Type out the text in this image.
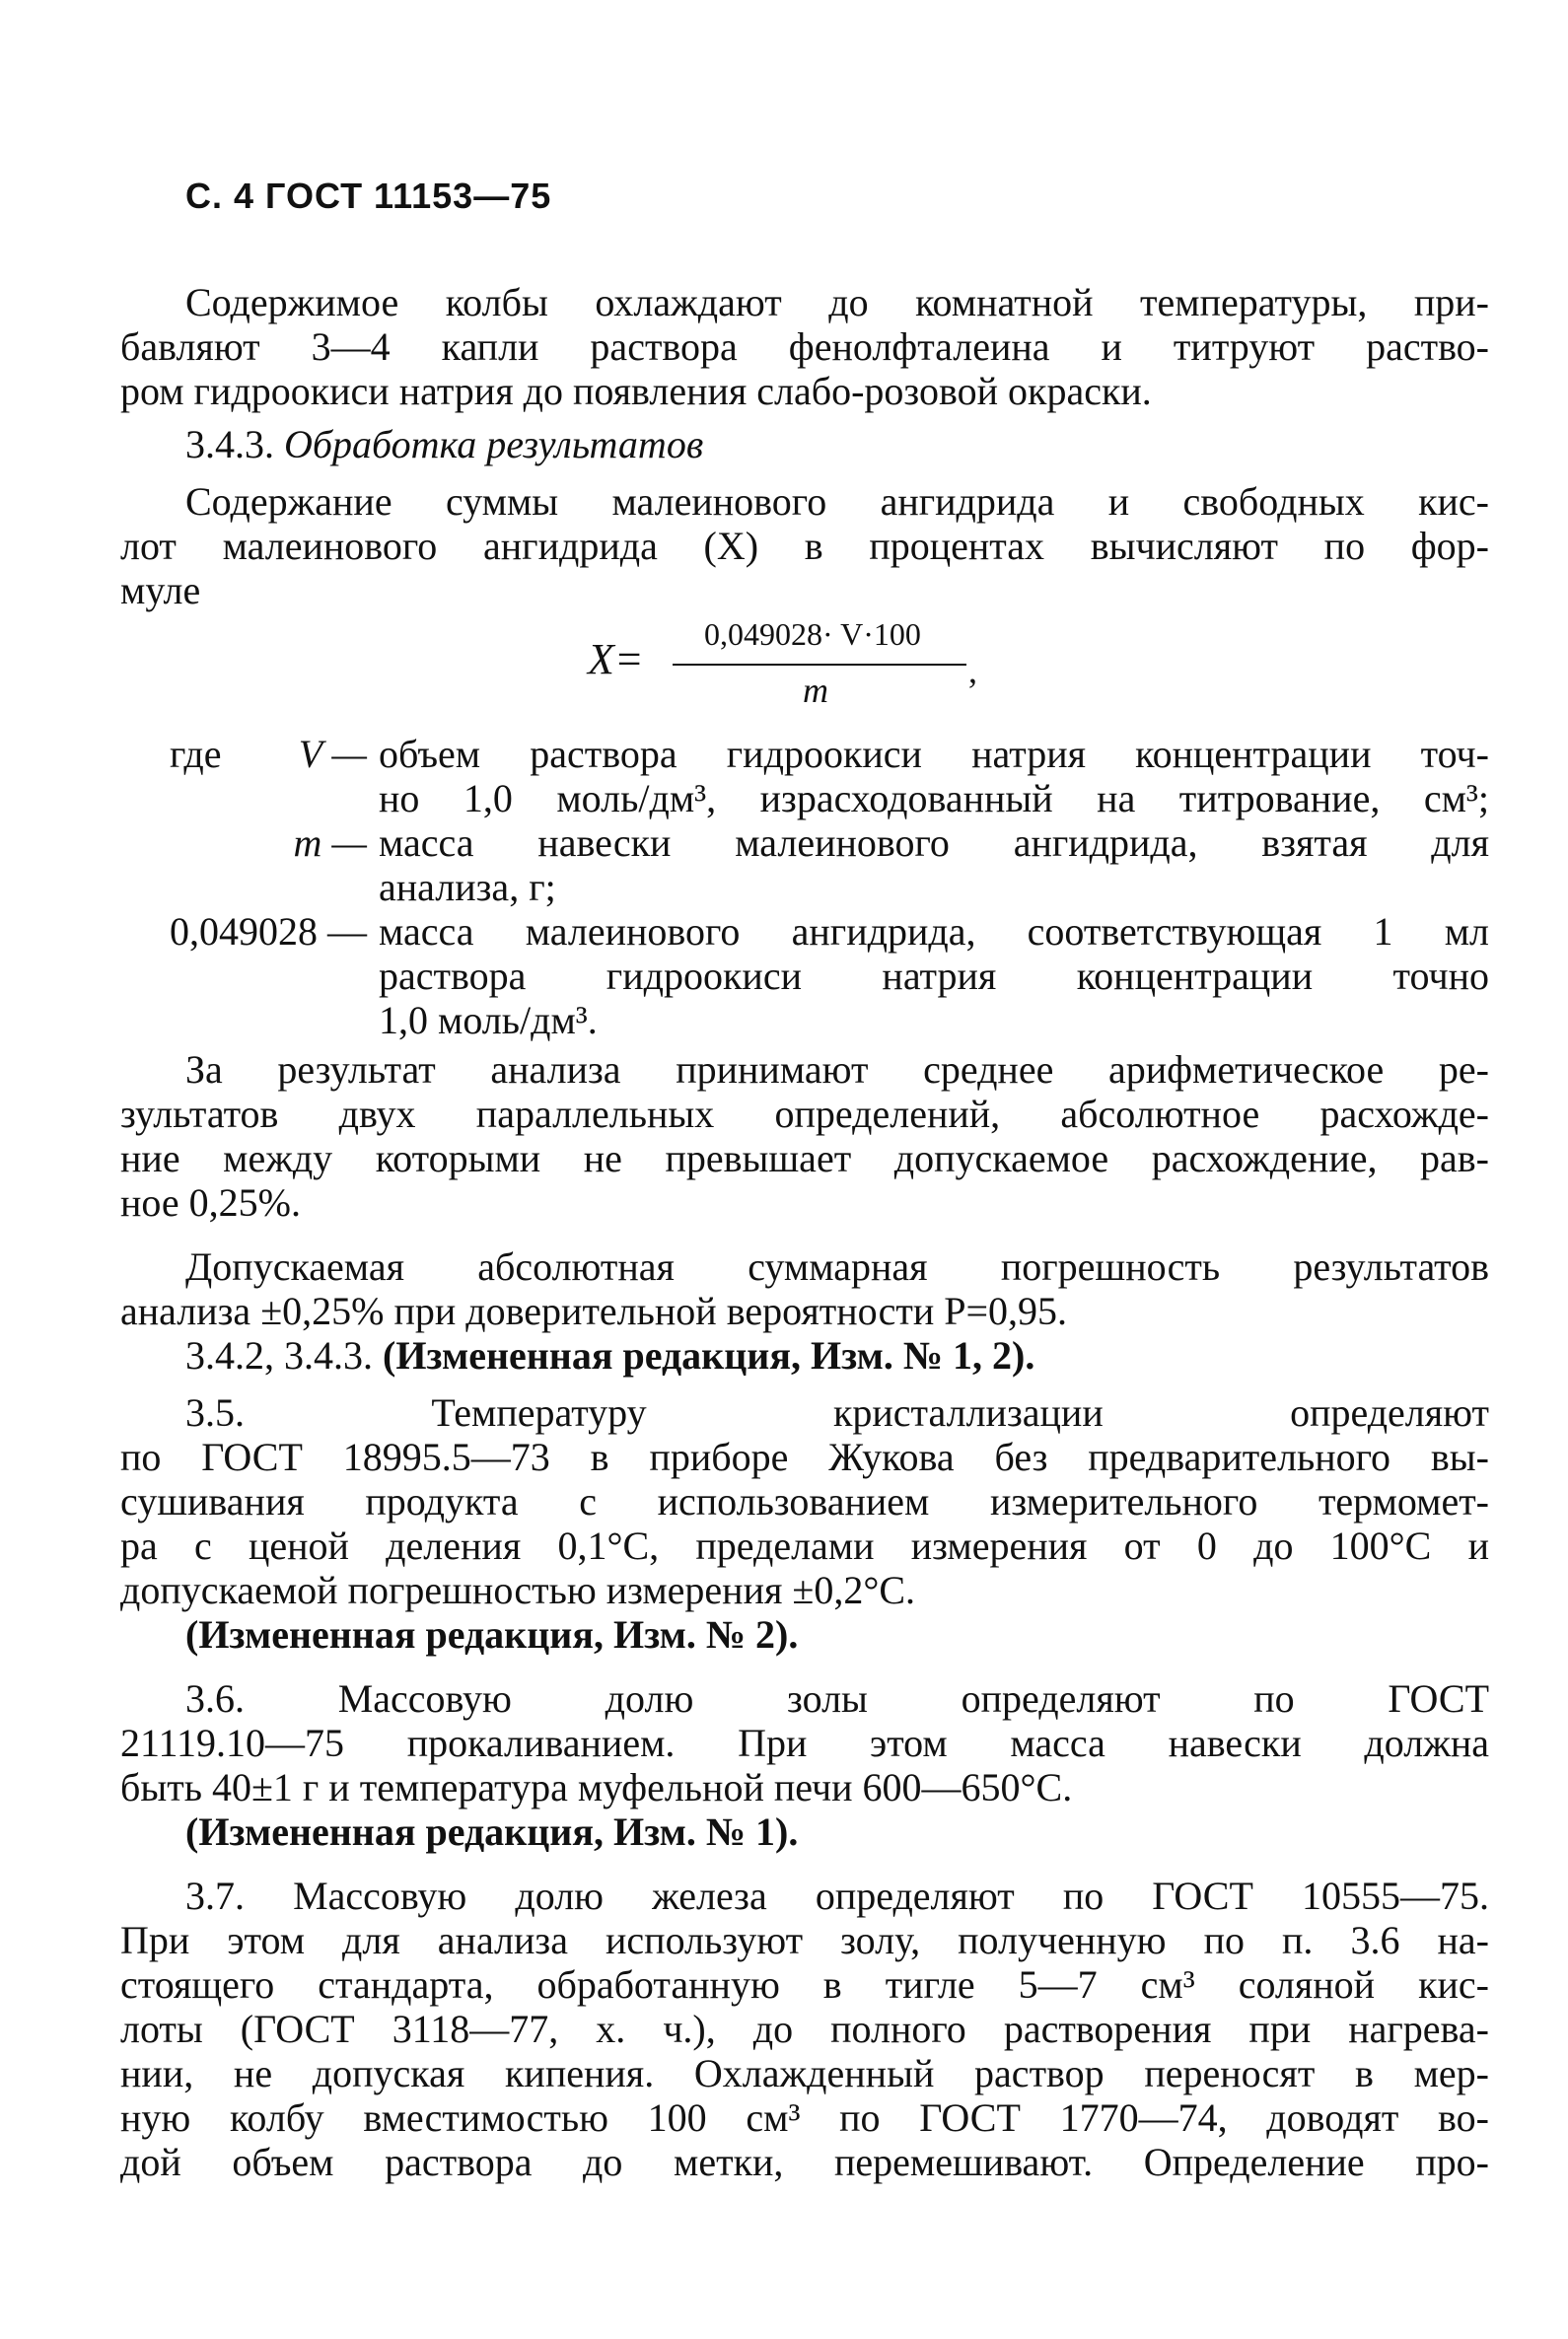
С. 4 ГОСТ 11153—75
Содержимое колбы охлаждают до комнатной температуры, при-
бавляют 3—4 капли раствора фенолфталеина и титруют раство-
ром гидроокиси натрия до появления слабо-розовой окраски.
3.4.3. Обработка результатов
Содержание суммы малеинового ангидрида и свободных кис-
лот малеинового ангидрида (X) в процентах вычисляют по фор-
муле
X=
0,049028· V·100
m	,
где	V — объем раствора гидроокиси натрия концентрации точ-
но 1,0 моль/дм³, израсходованный на титрование, см³;
m — масса навески малеинового ангидрида, взятая для
анализа, г;
0,049028 — масса малеинового ангидрида, соответствующая 1 мл
раствора гидроокиси натрия концентрации точно
1,0 моль/дм³.
За результат анализа принимают среднее арифметическое ре-
зультатов двух параллельных определений, абсолютное расхожде-
ние между которыми не превышает допускаемое расхождение, рав-
ное 0,25%.
Допускаемая абсолютная суммарная погрешность результатов
анализа ±0,25% при доверительной вероятности P=0,95.
3.4.2, 3.4.3. (Измененная редакция, Изм. № 1, 2).
3.5. Температуру кристаллизации определяют
по ГОСТ 18995.5—73 в приборе Жукова без предварительного вы-
сушивания продукта с использованием измерительного термомет-
ра с ценой деления 0,1°С, пределами измерения от 0 до 100°С и
допускаемой погрешностью измерения ±0,2°С.
(Измененная редакция, Изм. № 2).
3.6. Массовую долю золы определяют по ГОСТ
21119.10—75 прокаливанием. При этом масса навески должна
быть 40±1 г и температура муфельной печи 600—650°С.
(Измененная редакция, Изм. № 1).
3.7. Массовую долю железа определяют по ГОСТ 10555—75.
При этом для анализа используют золу, полученную по п. 3.6 на-
стоящего стандарта, обработанную в тигле 5—7 см³ соляной кис-
лоты (ГОСТ 3118—77, х. ч.), до полного растворения при нагрева-
нии, не допуская кипения. Охлажденный раствор переносят в мер-
ную колбу вместимостью 100 см³ по ГОСТ 1770—74, доводят во-
дой объем раствора до метки, перемешивают. Определение про-
